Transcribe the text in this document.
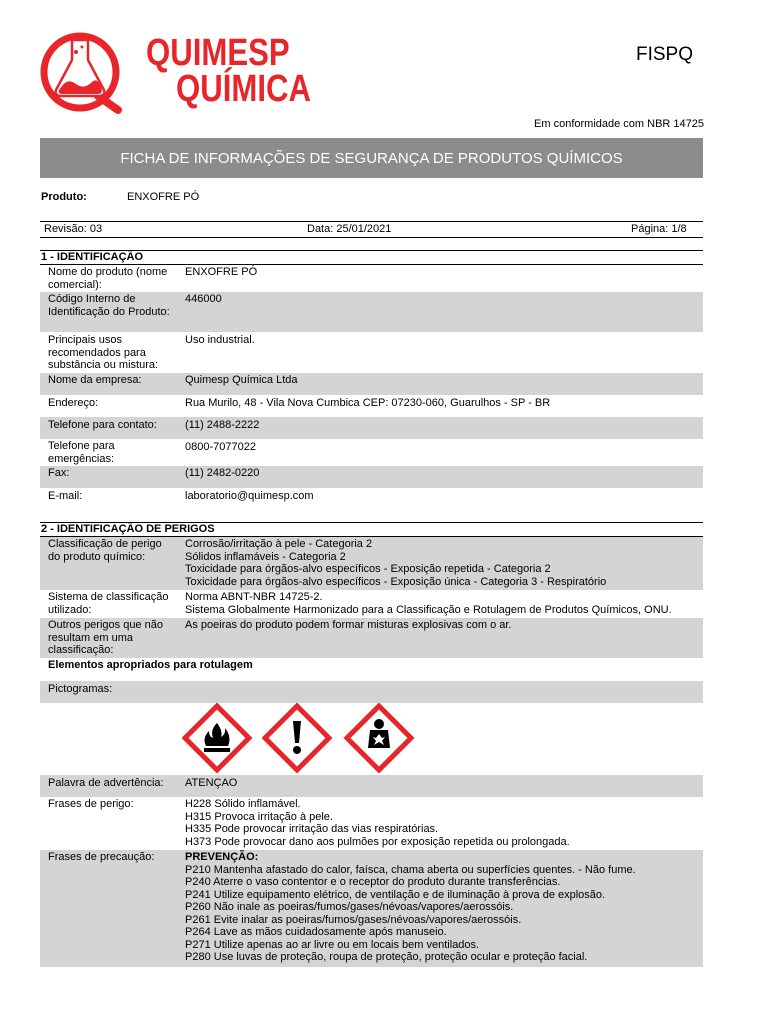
QUIMESP
QUÍMICA
FISPQ
Em conformidade com NBR 14725
FICHA DE INFORMAÇÕES DE SEGURANÇA DE PRODUTOS QUÍMICOS
Produto:	ENXOFRE PÓ
Revisão: 03	Data: 25/01/2021	Página: 1/8
1 - IDENTIFICAÇÃO
Nome do produto (nome comercial):
ENXOFRE PÓ
Código Interno de Identificação do Produto:
446000
Principais usos recomendados para substância ou mistura:
Uso industrial.
Nome da empresa:	Quimesp Química Ltda
Endereço:	Rua Murilo, 48 - Vila Nova Cumbica CEP: 07230-060, Guarulhos - SP - BR
Telefone para contato:	(11) 2488-2222
Telefone para emergências:
0800-7077022
Fax:	(11) 2482-0220
E-mail:	laboratorio@quimesp.com
2 - IDENTIFICAÇÃO DE PERIGOS
Classificação de perigo do produto químico:
Corrosão/irritação à pele - Categoria 2
Sólidos inflamáveis - Categoria 2
Toxicidade para órgãos-alvo específicos - Exposição repetida - Categoria 2
Toxicidade para órgãos-alvo específicos - Exposição única - Categoria 3 - Respiratório
Sistema de classificação utilizado:
Norma ABNT-NBR 14725-2.
Sistema Globalmente Harmonizado para a Classificação e Rotulagem de Produtos Químicos, ONU.
Outros perigos que não resultam em uma classificação:
As poeiras do produto podem formar misturas explosivas com o ar.
Elementos apropriados para rotulagem
Pictogramas:
Palavra de advertência:	ATENÇAO
Frases de perigo:	H228 Sólido inflamável.
H315 Provoca irritação à pele.
H335 Pode provocar irritação das vias respiratórias.
H373 Pode provocar dano aos pulmões por exposição repetida ou prolongada.
Frases de precaução:	PREVENÇÃO:
P210 Mantenha afastado do calor, faísca, chama aberta ou superfícies quentes. - Não fume.
P240 Aterre o vaso contentor e o receptor do produto durante transferências.
P241 Utilize equipamento elétrico, de ventilação e de iluminação à prova de explosão.
P260 Não inale as poeiras/fumos/gases/névoas/vapores/aerossóis.
P261 Evite inalar as poeiras/fumos/gases/névoas/vapores/aerossóis.
P264 Lave as mãos cuidadosamente após manuseio.
P271 Utilize apenas ao ar livre ou em locais bem ventilados.
P280 Use luvas de proteção, roupa de proteção, proteção ocular e proteção facial.
